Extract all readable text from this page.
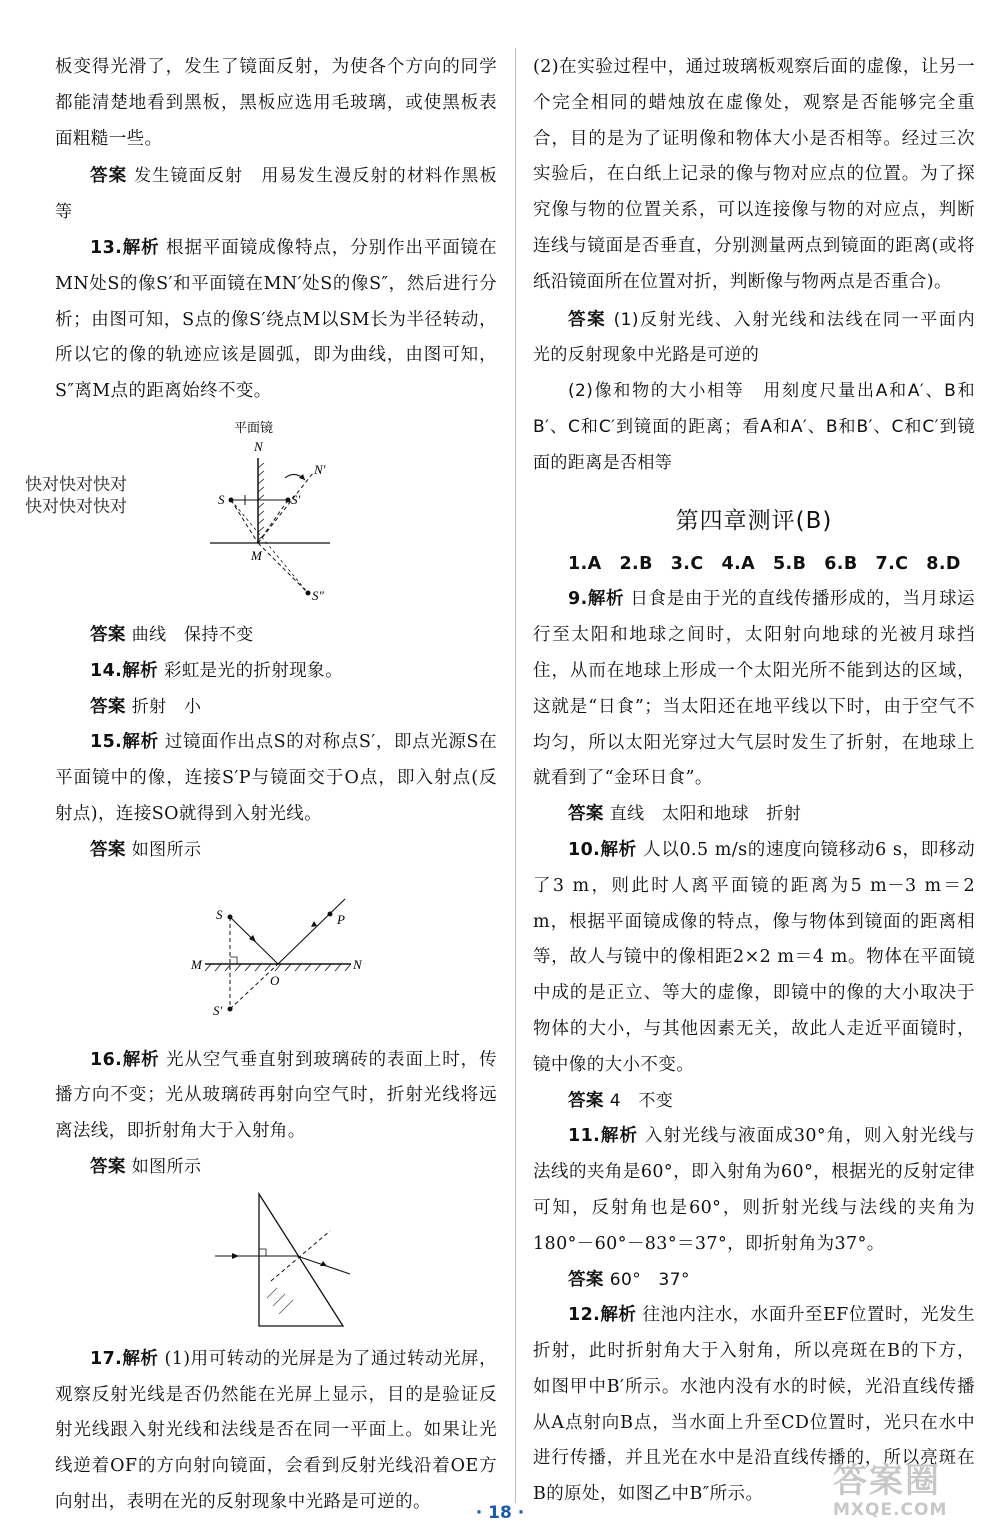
板变得光滑了，发生了镜面反射，为使各个方向的同学都能清楚地看到黑板，黑板应选用毛玻璃，或使黑板表面粗糙一些。

答案 发生镜面反射　用易发生漫反射的材料作黑板等

13.解析 根据平面镜成像特点，分别作出平面镜在MN处S的像S′和平面镜在MN′处S的像S″，然后进行分析；由图可知，S点的像S′绕点M以SM长为半径转动，所以它的像的轨迹应该是圆弧，即为曲线，由图可知，S″离M点的距离始终不变。

平面镜
N
S	S′
N′
M
S″

答案 曲线　保持不变

14.解析 彩虹是光的折射现象。

答案 折射　小

15.解析 过镜面作出点S的对称点S′，即点光源S在平面镜中的像，连接S′P与镜面交于O点，即入射点(反射点)，连接SO就得到入射光线。

答案 如图所示

M	N
S
S′
P
O

16.解析 光从空气垂直射到玻璃砖的表面上时，传播方向不变；光从玻璃砖再射向空气时，折射光线将远离法线，即折射角大于入射角。

答案 如图所示

17.解析 (1)用可转动的光屏是为了通过转动光屏，观察反射光线是否仍然能在光屏上显示，目的是验证反射光线跟入射光线和法线是否在同一平面上。如果让光线逆着OF的方向射向镜面，会看到反射光线沿着OE方向射出，表明在光的反射现象中光路是可逆的。

快对快对快对
快对快对快对

(2)在实验过程中，通过玻璃板观察后面的虚像，让另一个完全相同的蜡烛放在虚像处，观察是否能够完全重合，目的是为了证明像和物体大小是否相等。经过三次实验后，在白纸上记录的像与物对应点的位置。为了探究像与物的位置关系，可以连接像与物的对应点，判断连线与镜面是否垂直，分别测量两点到镜面的距离(或将纸沿镜面所在位置对折，判断像与物两点是否重合)。

答案 (1)反射光线、入射光线和法线在同一平面内　光的反射现象中光路是可逆的

(2)像和物的大小相等　用刻度尺量出A和A′、B和B′、C和C′到镜面的距离；看A和A′、B和B′、C和C′到镜面的距离是否相等

第四章测评(B)

1.A　2.B　3.C　4.A　5.B　6.B　7.C　8.D

9.解析 日食是由于光的直线传播形成的，当月球运行至太阳和地球之间时，太阳射向地球的光被月球挡住，从而在地球上形成一个太阳光所不能到达的区域，这就是“日食”；当太阳还在地平线以下时，由于空气不均匀，所以太阳光穿过大气层时发生了折射，在地球上就看到了“金环日食”。

答案 直线　太阳和地球　折射

10.解析 人以0.5 m/s的速度向镜移动6 s，即移动了3 m，则此时人离平面镜的距离为5 m－3 m＝2 m，根据平面镜成像的特点，像与物体到镜面的距离相等，故人与镜中的像相距2×2 m＝4 m。物体在平面镜中成的是正立、等大的虚像，即镜中的像的大小取决于物体的大小，与其他因素无关，故此人走近平面镜时，镜中像的大小不变。

答案 4　不变

11.解析 入射光线与液面成30°角，则入射光线与法线的夹角是60°，即入射角为60°，根据光的反射定律可知，反射角也是60°，则折射光线与法线的夹角为180°－60°－83°＝37°，即折射角为37°。

答案 60°　37°

12.解析 往池内注水，水面升至EF位置时，光发生折射，此时折射角大于入射角，所以亮斑在B的下方，如图甲中B′所示。水池内没有水的时候，光沿直线传播从A点射向B点，当水面上升至CD位置时，光只在水中进行传播，并且光在水中是沿直线传播的，所以亮斑在B的原处，如图乙中B″所示。

· 18 ·
答案圈
MXQE.COM
